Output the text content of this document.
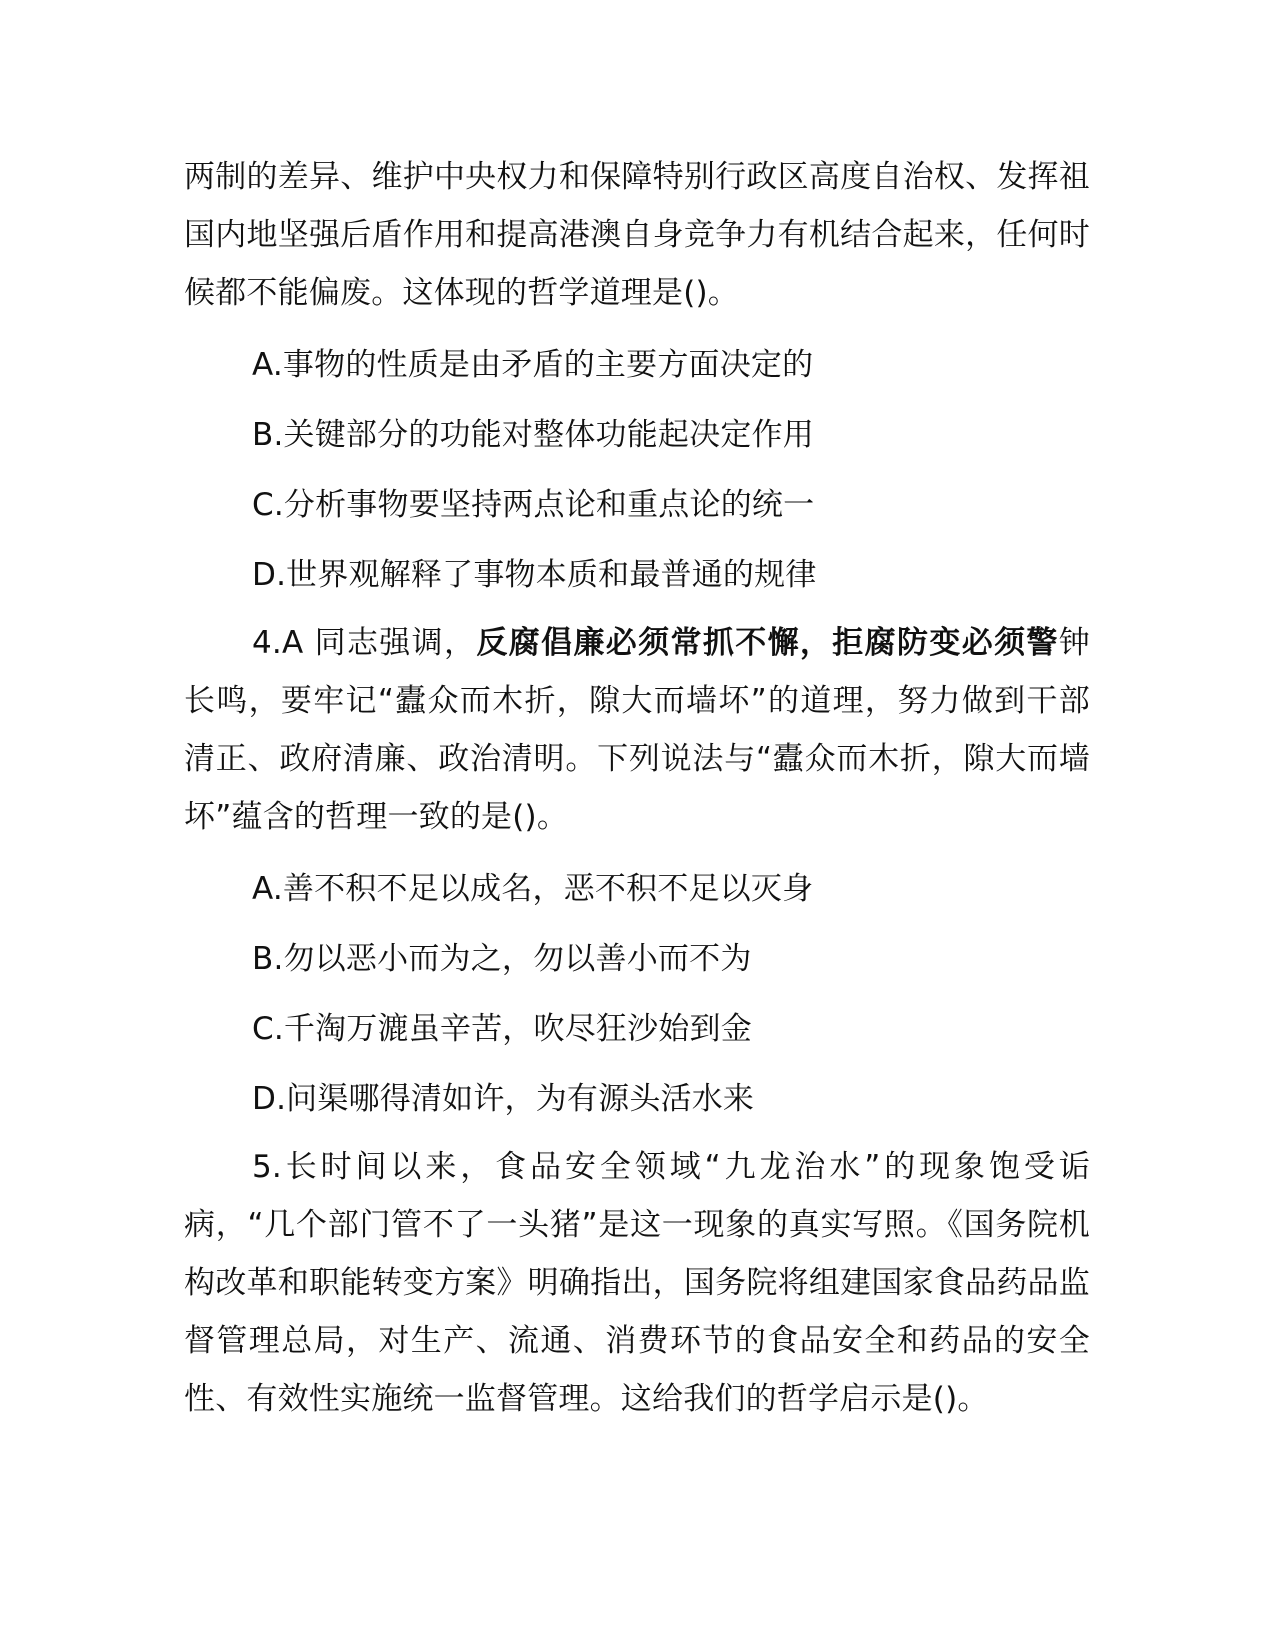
两制的差异、维护中央权力和保障特别行政区高度自治权、发挥祖国内地坚强后盾作用和提高港澳自身竞争力有机结合起来，任何时候都不能偏废。这体现的哲学道理是()。

A.事物的性质是由矛盾的主要方面决定的

B.关键部分的功能对整体功能起决定作用

C.分析事物要坚持两点论和重点论的统一

D.世界观解释了事物本质和最普通的规律

4.A 同志强调，反腐倡廉必须常抓不懈，拒腐防变必须警钟长鸣，要牢记“蠹众而木折，隙大而墙坏”的道理，努力做到干部清正、政府清廉、政治清明。下列说法与“蠹众而木折，隙大而墙坏”蕴含的哲理一致的是()。

A.善不积不足以成名，恶不积不足以灭身

B.勿以恶小而为之，勿以善小而不为

C.千淘万漉虽辛苦，吹尽狂沙始到金

D.问渠哪得清如许，为有源头活水来

5.长时间以来，食品安全领域“九龙治水”的现象饱受诟病，“几个部门管不了一头猪”是这一现象的真实写照。《国务院机构改革和职能转变方案》明确指出，国务院将组建国家食品药品监督管理总局，对生产、流通、消费环节的食品安全和药品的安全性、有效性实施统一监督管理。这给我们的哲学启示是()。
